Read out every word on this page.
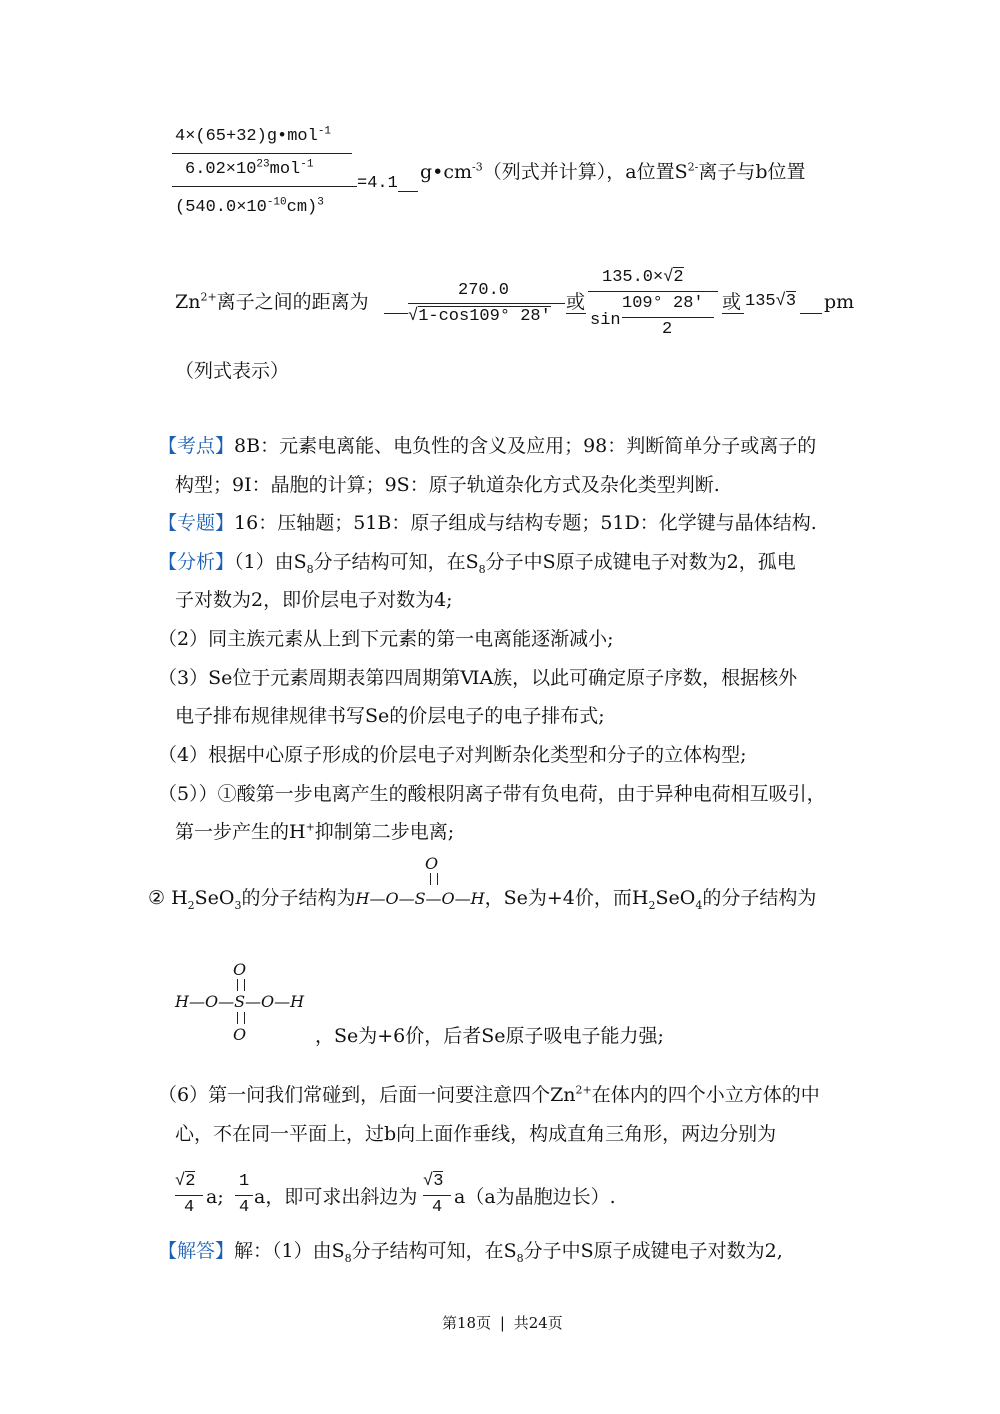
4×(65+32)g•mol$^{-1}$
$6.02\times 10^{23}mol^{-1}$
$(540.0\times 10^{-10}cm)^3$
=4.1
$g•cm^{-3}$（列式并计算），a位置$S^{2-}$离子与b位置
$Zn^{2+}$离子之间的距离为
270.0
√1-cos109° 28′
或
135.0×√2
sin
109° 28′
2
或 135√3 pm
（列式表示）
【考点】8B：元素电离能、电负性的含义及应用；98：判断简单分子或离子的
构型；9I：晶胞的计算；9S：原子轨道杂化方式及杂化类型判断.
【专题】16：压轴题；51B：原子组成与结构专题；51D：化学键与晶体结构.
【分析】（1）由$S_8$分子结构可知，在$S_8$分子中S原子成键电子对数为2，孤电
子对数为2，即价层电子对数为4;
（2）同主族元素从上到下元素的第一电离能逐渐减小;
（3）Se位于元素周期表第四周期第ⅥA族，以此可确定原子序数，根据核外
电子排布规律规律书写Se的价层电子的电子排布式;
（4）根据中心原子形成的价层电子对判断杂化类型和分子的立体构型;
（5））①酸第一步电离产生的酸根阴离子带有负电荷，由于异种电荷相互吸引，
第一步产生的H+抑制第二步电离;
O
② $H_2SeO_3$的分子结构为H—O—S—O—H，Se为+4价，而$H_2SeO_4$的分子结构为
O
H—O—S—O—H
O	，Se为+6价，后者Se原子吸电子能力强;
（6）第一问我们常碰到，后面一问要注意四个$Zn^{2+}$在体内的四个小立方体的中
心，不在同一平面上，过b向上面作垂线，构成直角三角形，两边分别为
√2
4 a;
1
4 a，即可求出斜边为
√3
4 a（a为晶胞边长）.
【解答】解：（1）由$S_8$分子结构可知，在$S_8$分子中S原子成键电子对数为2,
第18页 | 共24页
